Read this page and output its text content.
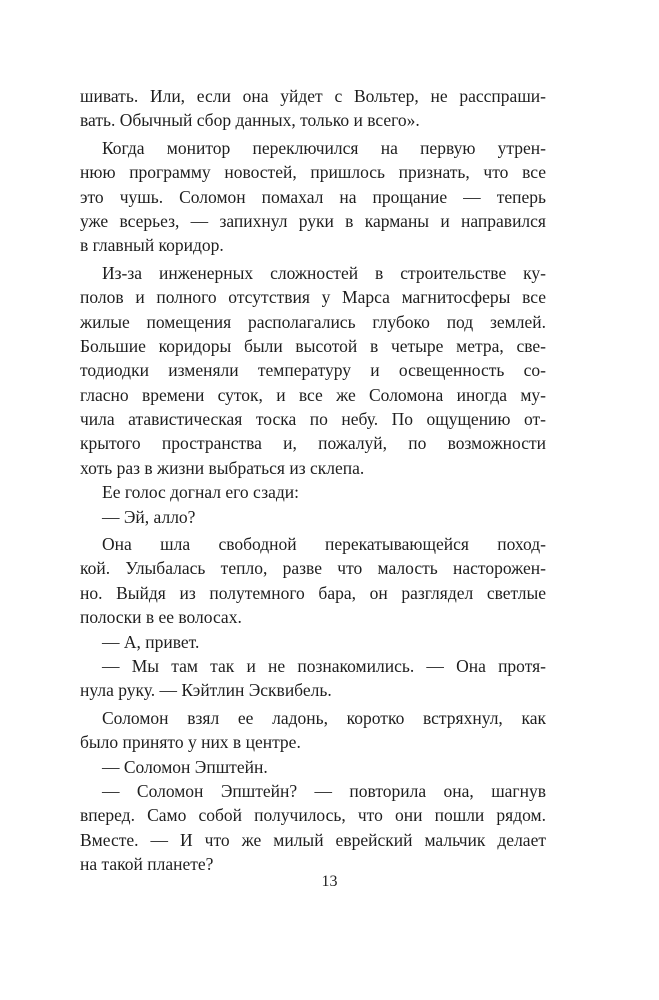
шивать. Или, если она уйдет с Вольтер, не расспраши-
вать. Обычный сбор данных, только и всего».
Когда монитор переключился на первую утрен-
нюю программу новостей, пришлось признать, что все
это чушь. Соломон помахал на прощание — теперь
уже всерьез, — запихнул руки в карманы и направился
в главный коридор.
Из-за инженерных сложностей в строительстве ку-
полов и полного отсутствия у Марса магнитосферы все
жилые помещения располагались глубоко под землей.
Большие коридоры были высотой в четыре метра, све-
тодиодки изменяли температуру и освещенность со-
гласно времени суток, и все же Соломона иногда му-
чила атавистическая тоска по небу. По ощущению от-
крытого пространства и, пожалуй, по возможности
хоть раз в жизни выбраться из склепа.
Ее голос догнал его сзади:
— Эй, алло?
Она шла свободной перекатывающейся поход-
кой. Улыбалась тепло, разве что малость насторожен-
но. Выйдя из полутемного бара, он разглядел светлые
полоски в ее волосах.
— А, привет.
— Мы там так и не познакомились. — Она протя-
нула руку. — Кэйтлин Эсквибель.
Соломон взял ее ладонь, коротко встряхнул, как
было принято у них в центре.
— Соломон Эпштейн.
— Соломон Эпштейн? — повторила она, шагнув
вперед. Само собой получилось, что они пошли рядом.
Вместе. — И что же милый еврейский мальчик делает
на такой планете?
13
